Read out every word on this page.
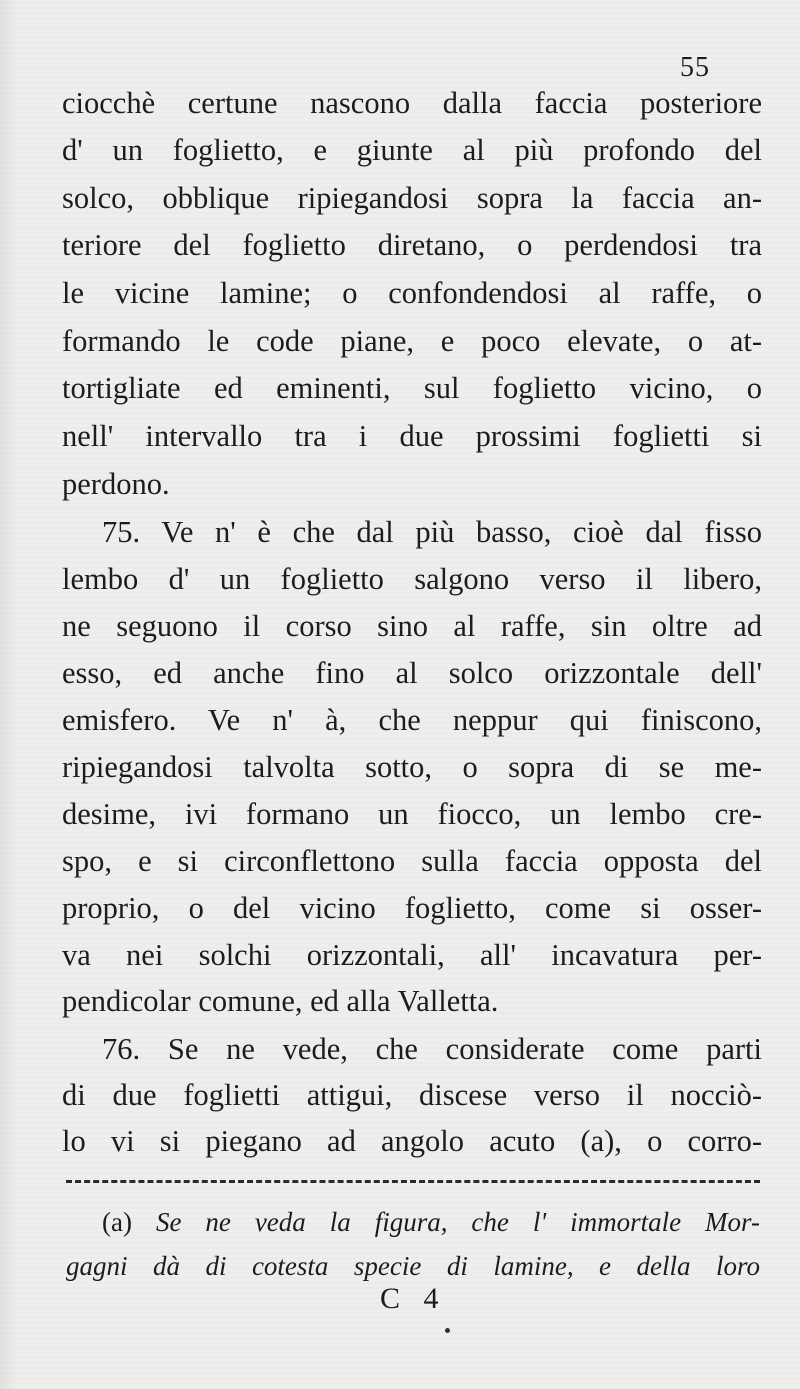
55
ciocchè certune nascono dalla faccia posteriore
d' un foglietto, e giunte al più profondo del
solco, obblique ripiegandosi sopra la faccia an-
teriore del foglietto diretano, o perdendosi tra
le vicine lamine; o confondendosi al raffe, o
formando le code piane, e poco elevate, o at-
tortigliate ed eminenti, sul foglietto vicino, o
nell' intervallo tra i due prossimi foglietti si
perdono.
75. Ve n' è che dal più basso, cioè dal fisso
lembo d' un foglietto salgono verso il libero,
ne seguono il corso sino al raffe, sin oltre ad
esso, ed anche fino al solco orizzontale dell'
emisfero. Ve n' à, che neppur qui finiscono,
ripiegandosi talvolta sotto, o sopra di se me-
desime, ivi formano un fiocco, un lembo cre-
spo, e si circonflettono sulla faccia opposta del
proprio, o del vicino foglietto, come si osser-
va nei solchi orizzontali, all' incavatura per-
pendicolar comune, ed alla Valletta.
76. Se ne vede, che considerate come parti
di due foglietti attigui, discese verso il nocciò-
lo vi si piegano ad angolo acuto (a), o corro-
(a) Se ne veda la figura, che l' immortale Mor-
gagni dà di cotesta specie di lamine, e della loro
C 4
